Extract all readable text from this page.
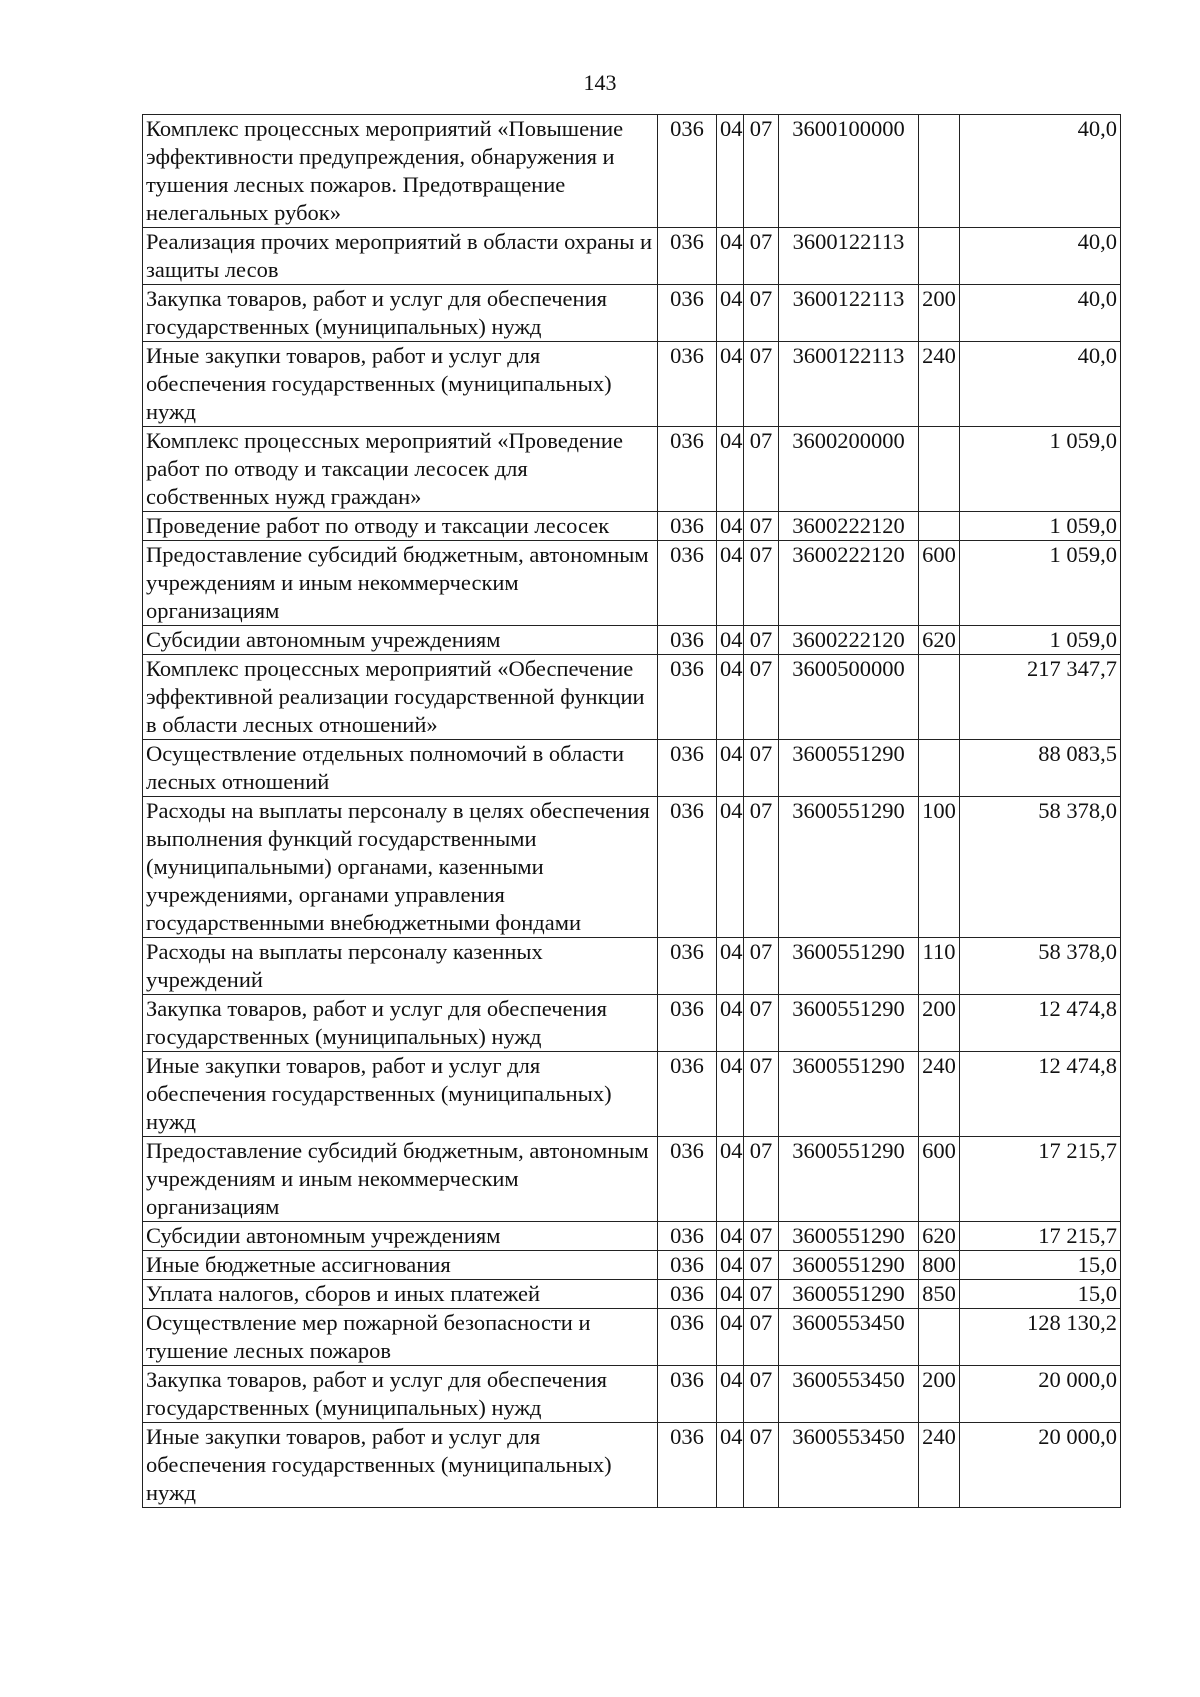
143
Комплекс процессных мероприятий «Повышение эффективности предупреждения, обнаружения и тушения лесных пожаров. Предотвращение нелегальных рубок»	036	04	07	3600100000		40,0
Реализация прочих мероприятий в области охраны и защиты лесов	036	04	07	3600122113		40,0
Закупка товаров, работ и услуг для обеспечения государственных (муниципальных) нужд	036	04	07	3600122113	200	40,0
Иные закупки товаров, работ и услуг для обеспечения государственных (муниципальных) нужд	036	04	07	3600122113	240	40,0
Комплекс процессных мероприятий «Проведение работ по отводу и таксации лесосек для собственных нужд граждан»	036	04	07	3600200000		1 059,0
Проведение работ по отводу и таксации лесосек	036	04	07	3600222120		1 059,0
Предоставление субсидий бюджетным, автономным учреждениям и иным некоммерческим организациям	036	04	07	3600222120	600	1 059,0
Субсидии автономным учреждениям	036	04	07	3600222120	620	1 059,0
Комплекс процессных мероприятий «Обеспечение эффективной реализации государственной функции в области лесных отношений»	036	04	07	3600500000		217 347,7
Осуществление отдельных полномочий в области лесных отношений	036	04	07	3600551290		88 083,5
Расходы на выплаты персоналу в целях обеспечения выполнения функций государственными (муниципальными) органами, казенными учреждениями, органами управления государственными внебюджетными фондами	036	04	07	3600551290	100	58 378,0
Расходы на выплаты персоналу казенных учреждений	036	04	07	3600551290	110	58 378,0
Закупка товаров, работ и услуг для обеспечения государственных (муниципальных) нужд	036	04	07	3600551290	200	12 474,8
Иные закупки товаров, работ и услуг для обеспечения государственных (муниципальных) нужд	036	04	07	3600551290	240	12 474,8
Предоставление субсидий бюджетным, автономным учреждениям и иным некоммерческим организациям	036	04	07	3600551290	600	17 215,7
Субсидии автономным учреждениям	036	04	07	3600551290	620	17 215,7
Иные бюджетные ассигнования	036	04	07	3600551290	800	15,0
Уплата налогов, сборов и иных платежей	036	04	07	3600551290	850	15,0
Осуществление мер пожарной безопасности и тушение лесных пожаров	036	04	07	3600553450		128 130,2
Закупка товаров, работ и услуг для обеспечения государственных (муниципальных) нужд	036	04	07	3600553450	200	20 000,0
Иные закупки товаров, работ и услуг для обеспечения государственных (муниципальных) нужд	036	04	07	3600553450	240	20 000,0
